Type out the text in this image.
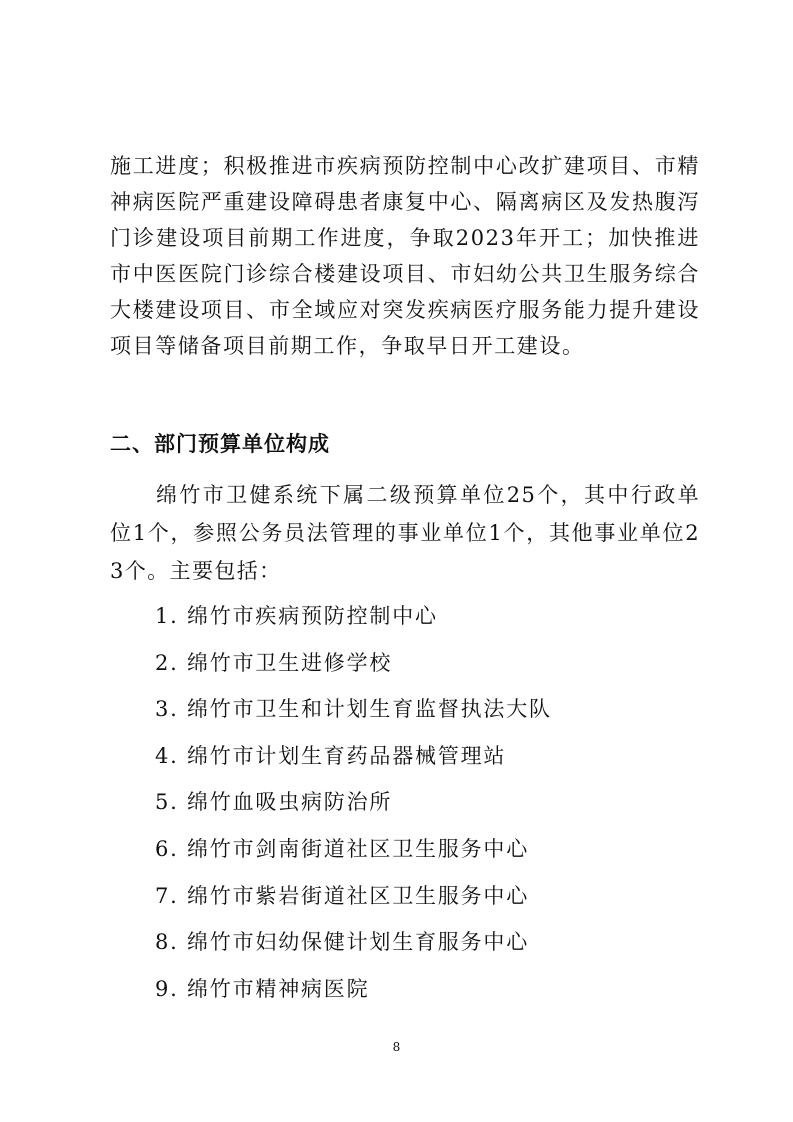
施工进度；积极推进市疾病预防控制中心改扩建项目、市精神病医院严重建设障碍患者康复中心、隔离病区及发热腹泻门诊建设项目前期工作进度，争取2023年开工；加快推进市中医医院门诊综合楼建设项目、市妇幼公共卫生服务综合大楼建设项目、市全域应对突发疾病医疗服务能力提升建设项目等储备项目前期工作，争取早日开工建设。

二、部门预算单位构成

绵竹市卫健系统下属二级预算单位25个，其中行政单位1个，参照公务员法管理的事业单位1个，其他事业单位23个。主要包括：

1. 绵竹市疾病预防控制中心
2. 绵竹市卫生进修学校
3. 绵竹市卫生和计划生育监督执法大队
4. 绵竹市计划生育药品器械管理站
5. 绵竹血吸虫病防治所
6. 绵竹市剑南街道社区卫生服务中心
7. 绵竹市紫岩街道社区卫生服务中心
8. 绵竹市妇幼保健计划生育服务中心
9. 绵竹市精神病医院
8
